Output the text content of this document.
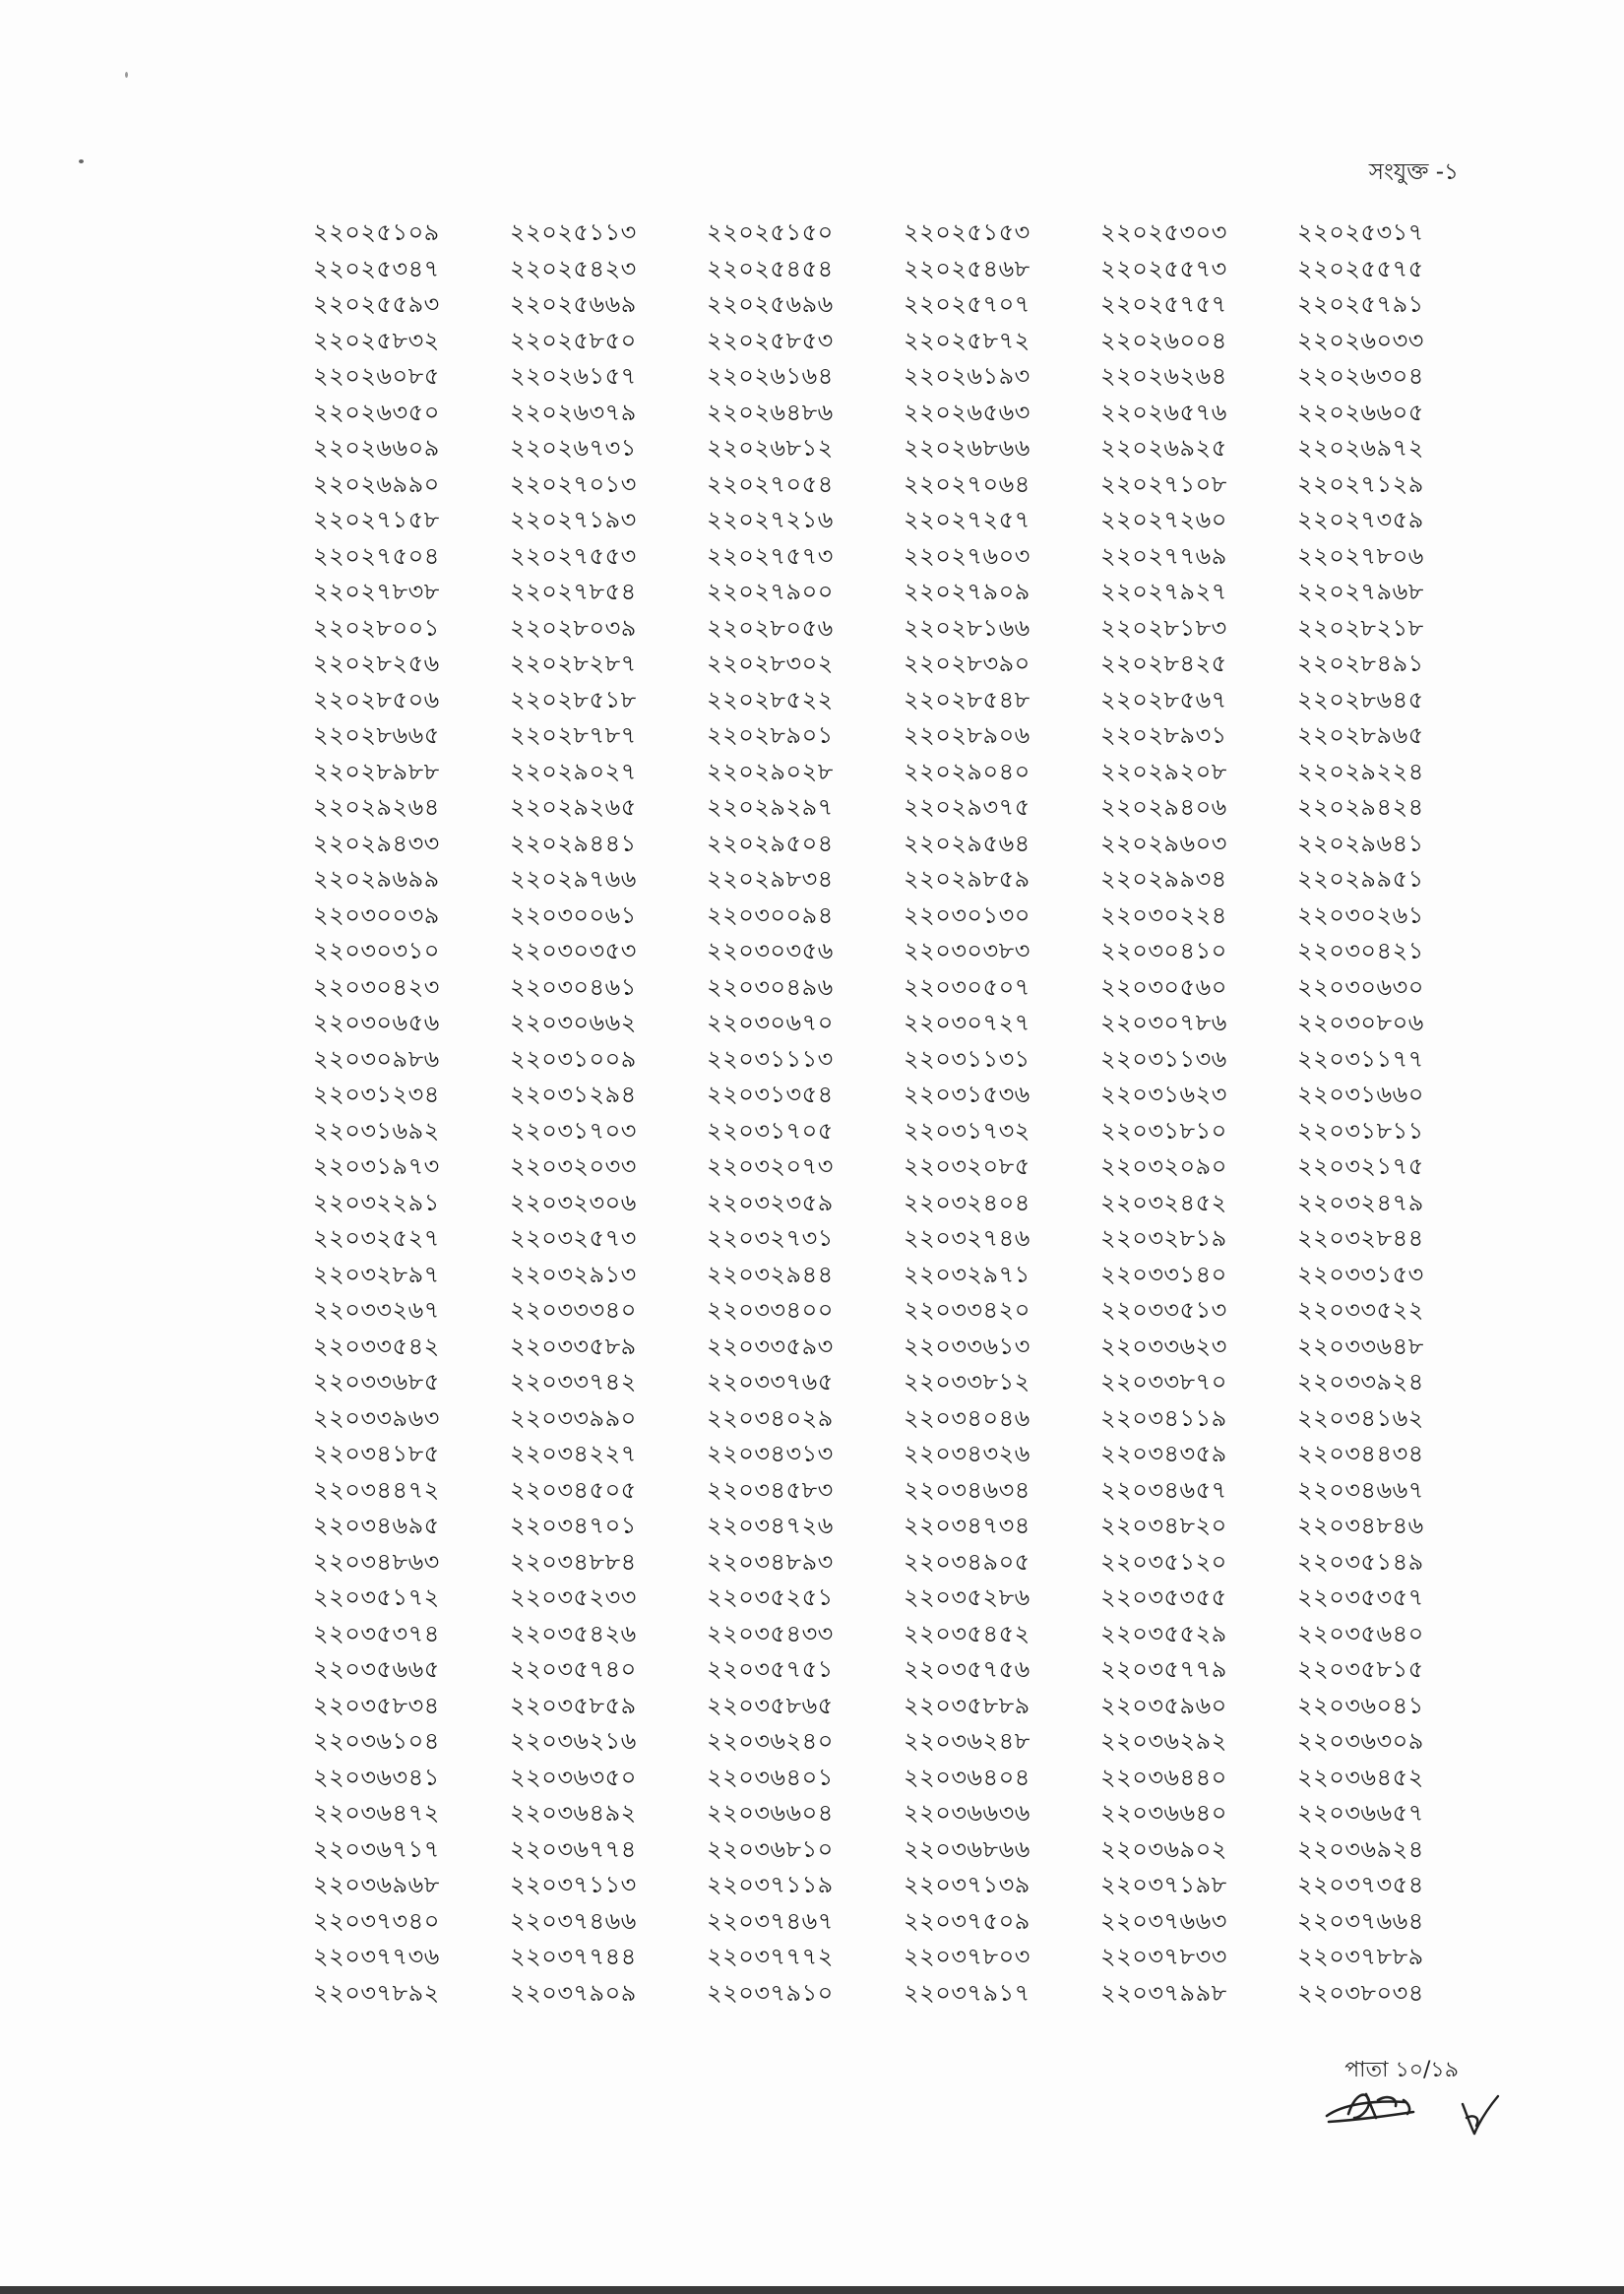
সংযুক্ত -১
২২০২৫১০৯	২২০২৫১১৩	২২০২৫১৫০	২২০২৫১৫৩	২২০২৫৩০৩	২২০২৫৩১৭
২২০২৫৩৪৭	২২০২৫৪২৩	২২০২৫৪৫৪	২২০২৫৪৬৮	২২০২৫৫৭৩	২২০২৫৫৭৫
২২০২৫৫৯৩	২২০২৫৬৬৯	২২০২৫৬৯৬	২২০২৫৭০৭	২২০২৫৭৫৭	২২০২৫৭৯১
২২০২৫৮৩২	২২০২৫৮৫০	২২০২৫৮৫৩	২২০২৫৮৭২	২২০২৬০০৪	২২০২৬০৩৩
২২০২৬০৮৫	২২০২৬১৫৭	২২০২৬১৬৪	২২০২৬১৯৩	২২০২৬২৬৪	২২০২৬৩০৪
২২০২৬৩৫০	২২০২৬৩৭৯	২২০২৬৪৮৬	২২০২৬৫৬৩	২২০২৬৫৭৬	২২০২৬৬০৫
২২০২৬৬০৯	২২০২৬৭৩১	২২০২৬৮১২	২২০২৬৮৬৬	২২০২৬৯২৫	২২০২৬৯৭২
২২০২৬৯৯০	২২০২৭০১৩	২২০২৭০৫৪	২২০২৭০৬৪	২২০২৭১০৮	২২০২৭১২৯
২২০২৭১৫৮	২২০২৭১৯৩	২২০২৭২১৬	২২০২৭২৫৭	২২০২৭২৬০	২২০২৭৩৫৯
২২০২৭৫০৪	২২০২৭৫৫৩	২২০২৭৫৭৩	২২০২৭৬০৩	২২০২৭৭৬৯	২২০২৭৮০৬
২২০২৭৮৩৮	২২০২৭৮৫৪	২২০২৭৯০০	২২০২৭৯০৯	২২০২৭৯২৭	২২০২৭৯৬৮
২২০২৮০০১	২২০২৮০৩৯	২২০২৮০৫৬	২২০২৮১৬৬	২২০২৮১৮৩	২২০২৮২১৮
২২০২৮২৫৬	২২০২৮২৮৭	২২০২৮৩০২	২২০২৮৩৯০	২২০২৮৪২৫	২২০২৮৪৯১
২২০২৮৫০৬	২২০২৮৫১৮	২২০২৮৫২২	২২০২৮৫৪৮	২২০২৮৫৬৭	২২০২৮৬৪৫
২২০২৮৬৬৫	২২০২৮৭৮৭	২২০২৮৯০১	২২০২৮৯০৬	২২০২৮৯৩১	২২০২৮৯৬৫
২২০২৮৯৮৮	২২০২৯০২৭	২২০২৯০২৮	২২০২৯০৪০	২২০২৯২০৮	২২০২৯২২৪
২২০২৯২৬৪	২২০২৯২৬৫	২২০২৯২৯৭	২২০২৯৩৭৫	২২০২৯৪০৬	২২০২৯৪২৪
২২০২৯৪৩৩	২২০২৯৪৪১	২২০২৯৫০৪	২২০২৯৫৬৪	২২০২৯৬০৩	২২০২৯৬৪১
২২০২৯৬৯৯	২২০২৯৭৬৬	২২০২৯৮৩৪	২২০২৯৮৫৯	২২০২৯৯৩৪	২২০২৯৯৫১
২২০৩০০৩৯	২২০৩০০৬১	২২০৩০০৯৪	২২০৩০১৩০	২২০৩০২২৪	২২০৩০২৬১
২২০৩০৩১০	২২০৩০৩৫৩	২২০৩০৩৫৬	২২০৩০৩৮৩	২২০৩০৪১০	২২০৩০৪২১
২২০৩০৪২৩	২২০৩০৪৬১	২২০৩০৪৯৬	২২০৩০৫০৭	২২০৩০৫৬০	২২০৩০৬৩০
২২০৩০৬৫৬	২২০৩০৬৬২	২২০৩০৬৭০	২২০৩০৭২৭	২২০৩০৭৮৬	২২০৩০৮০৬
২২০৩০৯৮৬	২২০৩১০০৯	২২০৩১১১৩	২২০৩১১৩১	২২০৩১১৩৬	২২০৩১১৭৭
২২০৩১২৩৪	২২০৩১২৯৪	২২০৩১৩৫৪	২২০৩১৫৩৬	২২০৩১৬২৩	২২০৩১৬৬০
২২০৩১৬৯২	২২০৩১৭০৩	২২০৩১৭০৫	২২০৩১৭৩২	২২০৩১৮১০	২২০৩১৮১১
২২০৩১৯৭৩	২২০৩২০৩৩	২২০৩২০৭৩	২২০৩২০৮৫	২২০৩২০৯০	২২০৩২১৭৫
২২০৩২২৯১	২২০৩২৩০৬	২২০৩২৩৫৯	২২০৩২৪০৪	২২০৩২৪৫২	২২০৩২৪৭৯
২২০৩২৫২৭	২২০৩২৫৭৩	২২০৩২৭৩১	২২০৩২৭৪৬	২২০৩২৮১৯	২২০৩২৮৪৪
২২০৩২৮৯৭	২২০৩২৯১৩	২২০৩২৯৪৪	২২০৩২৯৭১	২২০৩৩১৪০	২২০৩৩১৫৩
২২০৩৩২৬৭	২২০৩৩৩৪০	২২০৩৩৪০০	২২০৩৩৪২০	২২০৩৩৫১৩	২২০৩৩৫২২
২২০৩৩৫৪২	২২০৩৩৫৮৯	২২০৩৩৫৯৩	২২০৩৩৬১৩	২২০৩৩৬২৩	২২০৩৩৬৪৮
২২০৩৩৬৮৫	২২০৩৩৭৪২	২২০৩৩৭৬৫	২২০৩৩৮১২	২২০৩৩৮৭০	২২০৩৩৯২৪
২২০৩৩৯৬৩	২২০৩৩৯৯০	২২০৩৪০২৯	২২০৩৪০৪৬	২২০৩৪১১৯	২২০৩৪১৬২
২২০৩৪১৮৫	২২০৩৪২২৭	২২০৩৪৩১৩	২২০৩৪৩২৬	২২০৩৪৩৫৯	২২০৩৪৪৩৪
২২০৩৪৪৭২	২২০৩৪৫০৫	২২০৩৪৫৮৩	২২০৩৪৬৩৪	২২০৩৪৬৫৭	২২০৩৪৬৬৭
২২০৩৪৬৯৫	২২০৩৪৭০১	২২০৩৪৭২৬	২২০৩৪৭৩৪	২২০৩৪৮২০	২২০৩৪৮৪৬
২২০৩৪৮৬৩	২২০৩৪৮৮৪	২২০৩৪৮৯৩	২২০৩৪৯০৫	২২০৩৫১২০	২২০৩৫১৪৯
২২০৩৫১৭২	২২০৩৫২৩৩	২২০৩৫২৫১	২২০৩৫২৮৬	২২০৩৫৩৫৫	২২০৩৫৩৫৭
২২০৩৫৩৭৪	২২০৩৫৪২৬	২২০৩৫৪৩৩	২২০৩৫৪৫২	২২০৩৫৫২৯	২২০৩৫৬৪০
২২০৩৫৬৬৫	২২০৩৫৭৪০	২২০৩৫৭৫১	২২০৩৫৭৫৬	২২০৩৫৭৭৯	২২০৩৫৮১৫
২২০৩৫৮৩৪	২২০৩৫৮৫৯	২২০৩৫৮৬৫	২২০৩৫৮৮৯	২২০৩৫৯৬০	২২০৩৬০৪১
২২০৩৬১০৪	২২০৩৬২১৬	২২০৩৬২৪০	২২০৩৬২৪৮	২২০৩৬২৯২	২২০৩৬৩০৯
২২০৩৬৩৪১	২২০৩৬৩৫০	২২০৩৬৪০১	২২০৩৬৪০৪	২২০৩৬৪৪০	২২০৩৬৪৫২
২২০৩৬৪৭২	২২০৩৬৪৯২	২২০৩৬৬০৪	২২০৩৬৬৩৬	২২০৩৬৬৪০	২২০৩৬৬৫৭
২২০৩৬৭১৭	২২০৩৬৭৭৪	২২০৩৬৮১০	২২০৩৬৮৬৬	২২০৩৬৯০২	২২০৩৬৯২৪
২২০৩৬৯৬৮	২২০৩৭১১৩	২২০৩৭১১৯	২২০৩৭১৩৯	২২০৩৭১৯৮	২২০৩৭৩৫৪
২২০৩৭৩৪০	২২০৩৭৪৬৬	২২০৩৭৪৬৭	২২০৩৭৫০৯	২২০৩৭৬৬৩	২২০৩৭৬৬৪
২২০৩৭৭৩৬	২২০৩৭৭৪৪	২২০৩৭৭৭২	২২০৩৭৮০৩	২২০৩৭৮৩৩	২২০৩৭৮৮৯
২২০৩৭৮৯২	২২০৩৭৯০৯	২২০৩৭৯১০	২২০৩৭৯১৭	২২০৩৭৯৯৮	২২০৩৮০৩৪
পাতা ১০/১৯
